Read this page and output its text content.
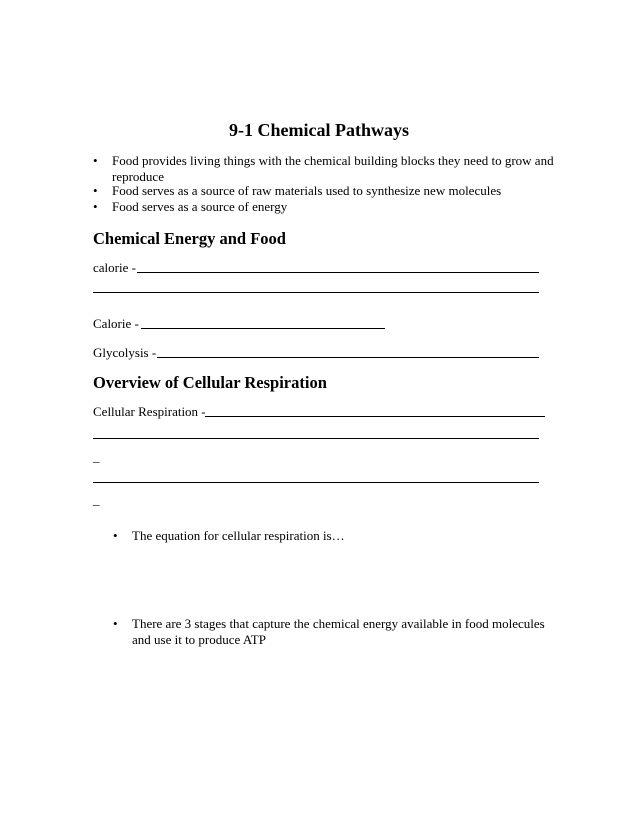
9-1 Chemical Pathways
• Food provides living things with the chemical building blocks they need to grow and
reproduce
• Food serves as a source of raw materials used to synthesize new molecules
• Food serves as a source of energy
Chemical Energy and Food
calorie -
Calorie -
Glycolysis -
Overview of Cellular Respiration
Cellular Respiration -
_
_
• The equation for cellular respiration is…
• There are 3 stages that capture the chemical energy available in food molecules
and use it to produce ATP
